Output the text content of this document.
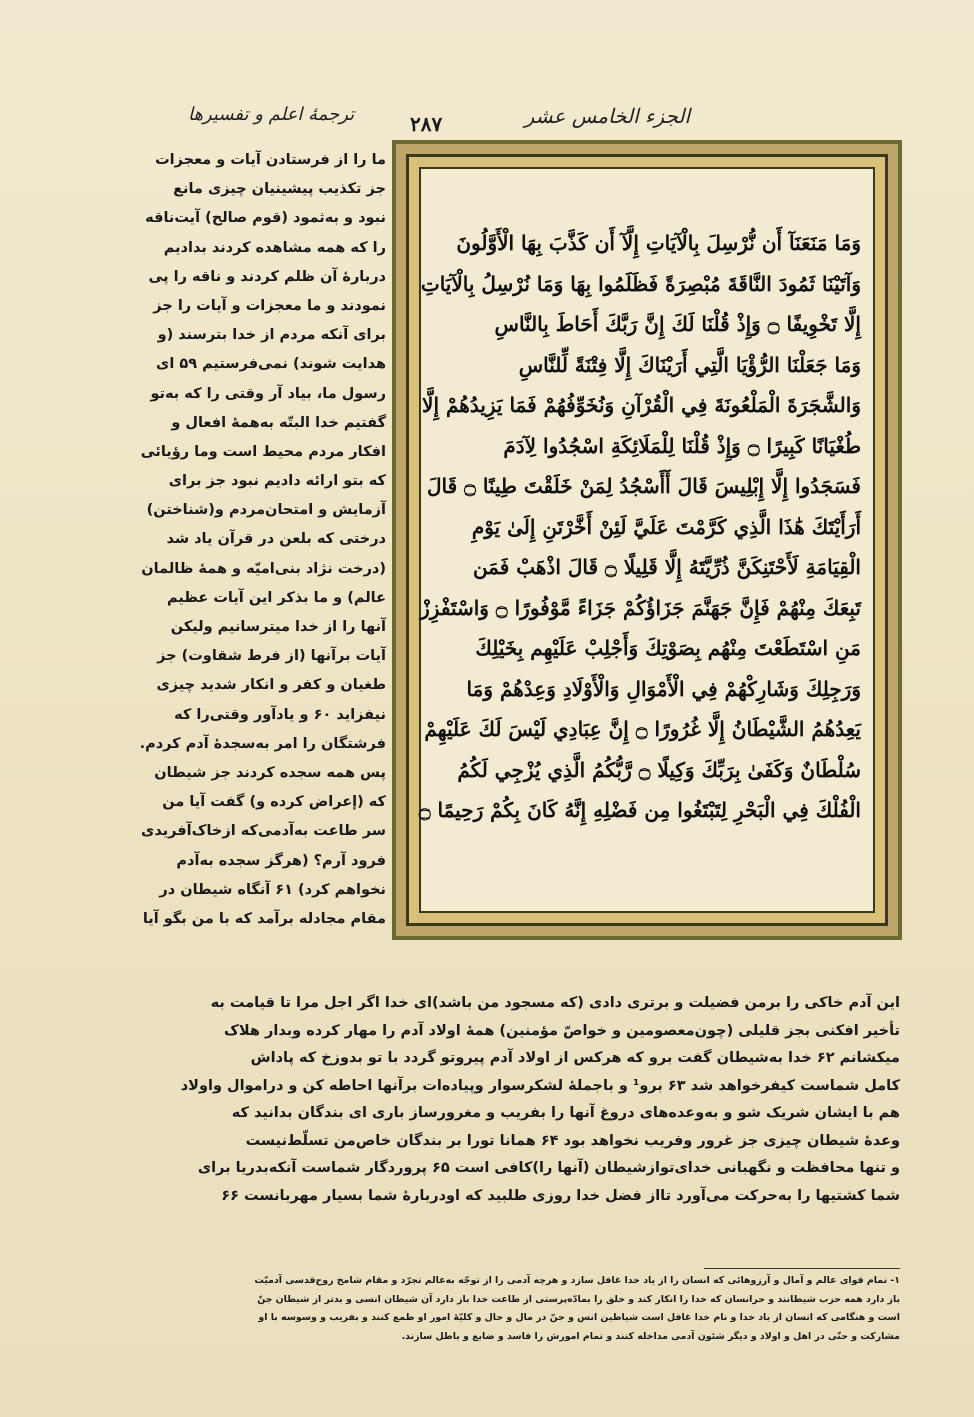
ترجمهٔ اعلم و تفسیرها	۲۸۷	الجزء الخامس عشر
وَمَا مَنَعَنَآ أَن نُّرْسِلَ بِالْآيَاتِ إِلَّآ أَن كَذَّبَ بِهَا الْأَوَّلُونَ
وَآتَيْنَا ثَمُودَ النَّاقَةَ مُبْصِرَةً فَظَلَمُوا بِهَا وَمَا نُرْسِلُ بِالْآيَاتِ
إِلَّا تَخْوِيفًا ۝ وَإِذْ قُلْنَا لَكَ إِنَّ رَبَّكَ أَحَاطَ بِالنَّاسِ
وَمَا جَعَلْنَا الرُّؤْيَا الَّتِي أَرَيْنَاكَ إِلَّا فِتْنَةً لِّلنَّاسِ
وَالشَّجَرَةَ الْمَلْعُونَةَ فِي الْقُرْآنِ وَنُخَوِّفُهُمْ فَمَا يَزِيدُهُمْ إِلَّا
طُغْيَانًا كَبِيرًا ۝ وَإِذْ قُلْنَا لِلْمَلَائِكَةِ اسْجُدُوا لِآدَمَ
فَسَجَدُوا إِلَّا إِبْلِيسَ قَالَ أَأَسْجُدُ لِمَنْ خَلَقْتَ طِينًا ۝ قَالَ
أَرَأَيْتَكَ هَٰذَا الَّذِي كَرَّمْتَ عَلَيَّ لَئِنْ أَخَّرْتَنِ إِلَىٰ يَوْمِ
الْقِيَامَةِ لَأَحْتَنِكَنَّ ذُرِّيَّتَهُ إِلَّا قَلِيلًا ۝ قَالَ اذْهَبْ فَمَن
تَبِعَكَ مِنْهُمْ فَإِنَّ جَهَنَّمَ جَزَاؤُكُمْ جَزَاءً مَّوْفُورًا ۝ وَاسْتَفْزِزْ
مَنِ اسْتَطَعْتَ مِنْهُم بِصَوْتِكَ وَأَجْلِبْ عَلَيْهِم بِخَيْلِكَ
وَرَجِلِكَ وَشَارِكْهُمْ فِي الْأَمْوَالِ وَالْأَوْلَادِ وَعِدْهُمْ وَمَا
يَعِدُهُمُ الشَّيْطَانُ إِلَّا غُرُورًا ۝ إِنَّ عِبَادِي لَيْسَ لَكَ عَلَيْهِمْ
سُلْطَانٌ وَكَفَىٰ بِرَبِّكَ وَكِيلًا ۝ رَّبُّكُمُ الَّذِي يُزْجِي لَكُمُ
الْفُلْكَ فِي الْبَحْرِ لِتَبْتَغُوا مِن فَضْلِهِ إِنَّهُ كَانَ بِكُمْ رَحِيمًا ۝
ما را از فرستادن آیات و معجزات
جز تکذیب پیشینیان چیزی مانع
نبود و به‌ثمود (قوم صالح) آیت‌ناقه
را که همه مشاهده کردند بدادیم
دربارهٔ آن ظلم کردند و ناقه را پی
نمودند و ما معجزات و آیات را جز
برای آنکه مردم از خدا بترسند (و
هدایت شوند) نمی‌فرستیم ۵۹ ای
رسول ما، بیاد آر وقتی را که به‌تو
گفتیم خدا البتّه به‌همهٔ افعال و
افکار مردم محیط است وما رؤیائی
که بتو ارائه دادیم نبود جز برای
آزمایش و امتحان‌مردم و(شناختن)
درختی که بلعن در قرآن یاد شد
(درخت نژاد بنی‌امیّه و همهٔ ظالمان
عالم) و ما بذکر این آیات عظیم
آنها را از خدا میترسانیم ولیکن
آیات برآنها (از فرط شقاوت) جز
طغیان و کفر و انکار شدید چیزی
نیفزاید ۶۰ و یادآور وقتی‌را که
فرشتگان را امر به‌سجدهٔ آدم کردم.
پس همه سجده کردند جز شیطان
که (إعراض کرده و) گفت آیا من
سر طاعت به‌آدمی‌که ازخاک‌آفریدی
فرود آرم؟ (هرگز سجده به‌آدم
نخواهم کرد) ۶۱ آنگاه شیطان در
مقام مجادله برآمد که با من بگو آیا
این آدم خاکی را برمن فضیلت و برتری دادی (که مسجود من باشد)ای خدا اگر اجل مرا تا قیامت به
تأخیر افکنی بجز قلیلی (چون‌معصومین و خواصّ مؤمنین) همهٔ اولاد آدم را مهار کرده وبدار هلاک
میکشانم ۶۲ خدا به‌شیطان گفت برو که هرکس از اولاد آدم پیروتو گردد با تو بدوزخ که پاداش
کامل شماست کیفرخواهد شد ۶۳ برو¹ و باجملهٔ لشکرسوار وپیاده‌ات برآنها احاطه کن و دراموال واولاد
هم با ایشان شریک شو و به‌وعده‌های دروغ آنها را بفریب و مغرورساز باری ای بندگان بدانید که
وعدهٔ شیطان چیزی جز غرور وفریب نخواهد بود ۶۴ همانا تورا بر بندگان خاص‌من تسلّط‌نیست
و تنها محافظت و نگهبانی خدای‌توازشیطان (آنها را)کافی است ۶۵ پروردگار شماست آنکه‌بدریا برای
شما کشتیها را به‌حرکت می‌آورد تااز فضل خدا روزی طلبید که اودربارهٔ شما بسیار مهربانست ۶۶
۱- تمام قوای عالم و آمال و آرزوهائی که انسان را از یاد خدا غافل سازد و هرچه آدمی را از توجّه به‌عالم تجرّد و مقام شامخ روح‌قدسی آدمیّت
باز دارد همه حزب شیطانند و حرانسان که خدا را انکار کند و خلق را بمادّه‌پرستی از طاعت خدا باز دارد آن شیطان انسی و بدتر از شیطان جنّ
است و هنگامی که انسان از یاد خدا و نام خدا غافل است شیاطین انس و جنّ در مال و حال و کلیّهٔ امور او طمع کنند و بفریب و وسوسه با او
مشارکت و حتّی در اهل و اولاد و دیگر شئون آدمی مداخله کنند و تمام امورش را فاسد و ضایع و باطل سازند.
